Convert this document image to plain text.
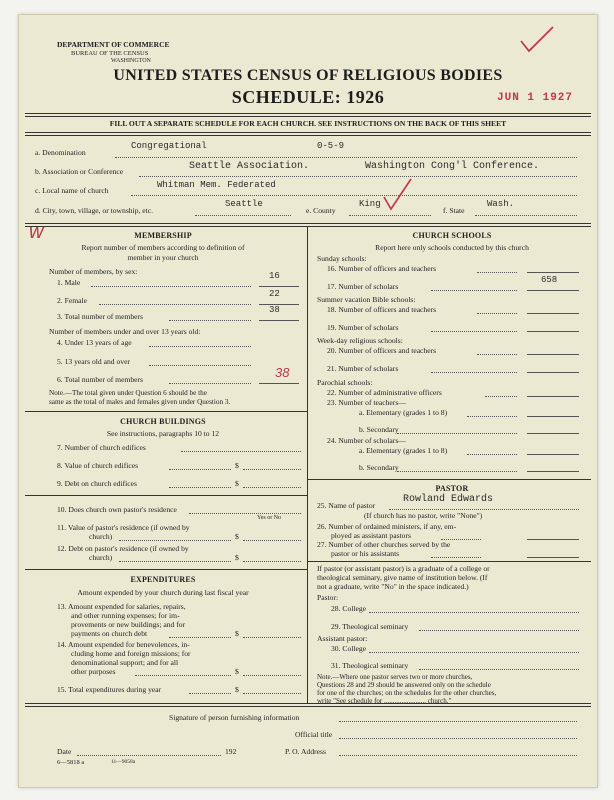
DEPARTMENT OF COMMERCE
BUREAU OF THE CENSUS
WASHINGTON
UNITED STATES CENSUS OF RELIGIOUS BODIES
SCHEDULE: 1926	JUN 1 1927
FILL OUT A SEPARATE SCHEDULE FOR EACH CHURCH. SEE INSTRUCTIONS ON THE BACK OF THIS SHEET
a. Denomination
Congregational	0-5-9
b. Association or Conference	Seattle Association.	Washington Cong'l Conference.
c. Local name of church
Whitman Mem. Federated
d. City, town, village, or township, etc.
Seattle
e. County
King
f. State
Wash.
w	MEMBERSHIP
Report number of members according to definition of
member in your church
Number of members, by sex:
1. Male
16
2. Female
22
3. Total number of members
38
Number of members under and over 13 years old:
4. Under 13 years of age
5. 13 years old and over
6. Total number of members	38
Note.—The total given under Question 6 should be the
same as the total of males and females given under Question 3.
CHURCH BUILDINGS
See instructions, paragraphs 10 to 12
7. Number of church edifices
8. Value of church edifices	$
9. Debt on church edifices	$
10. Does church own pastor's residence
Yes or No
11. Value of pastor's residence (if owned by
church)	$
12. Debt on pastor's residence (if owned by
church)	$
EXPENDITURES
Amount expended by your church during last fiscal year
13. Amount expended for salaries, repairs,
and other running expenses; for im-
provements or new buildings; and for
payments on church debt	$
14. Amount expended for benevolences, in-
cluding home and foreign missions; for
denominational support; and for all
other purposes	$
15. Total expenditures during year	$
CHURCH SCHOOLS
Report here only schools conducted by this church
Sunday schools:
16. Number of officers and teachers
17. Number of scholars
658
Summer vacation Bible schools:
18. Number of officers and teachers
19. Number of scholars
Week-day religious schools:
20. Number of officers and teachers
21. Number of scholars
Parochial schools:
22. Number of administrative officers
23. Number of teachers—
a. Elementary (grades 1 to 8)
b. Secondary
24. Number of scholars—
a. Elementary (grades 1 to 8)
b. Secondary
PASTOR
25. Name of pastor
Rowland Edwards
(If church has no pastor, write "None")
26. Number of ordained ministers, if any, em-
ployed as assistant pastors
27. Number of other churches served by the
pastor or his assistants
If pastor (or assistant pastor) is a graduate of a college or
theological seminary, give name of institution below. (If
not a graduate, write "No" in the space indicated.)
Pastor:
28. College
29. Theological seminary
Assistant pastor:
30. College
31. Theological seminary
Note.—Where one pastor serves two or more churches,
Questions 28 and 29 should be answered only on the schedule
for one of the churches; on the schedules for the other churches,
write "See schedule for ........................ church."
Signature of person furnishing information
Official title
Date	192	P. O. Address
6—5818 a	11—9058a
